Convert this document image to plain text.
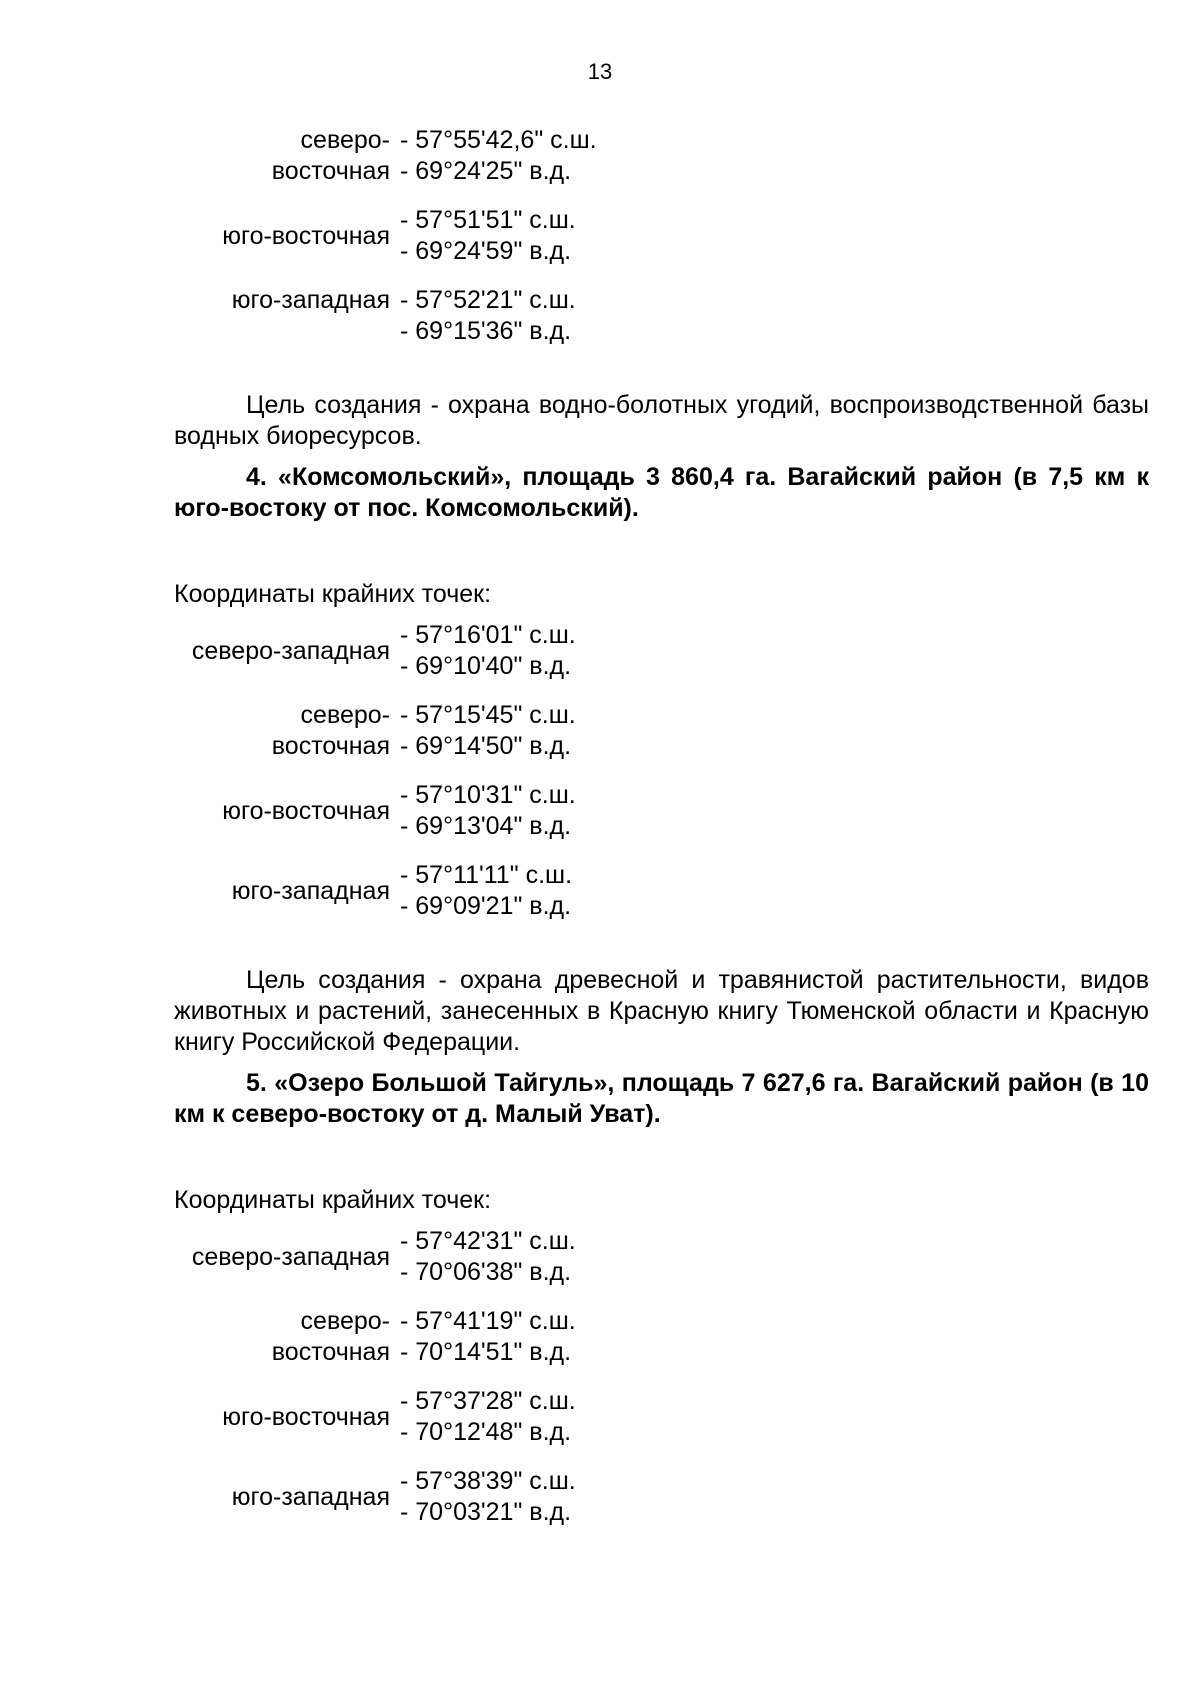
13
северо-
восточная
- 57°55'42,6" с.ш.
- 69°24'25" в.д.
юго-восточная
- 57°51'51" с.ш.
- 69°24'59" в.д.
юго-западная - 57°52'21" с.ш.
- 69°15'36" в.д.

Цель создания - охрана водно-болотных угодий, воспроизводственной базы водных биоресурсов.

4. «Комсомольский», площадь 3 860,4 га. Вагайский район (в 7,5 км к юго-востоку от пос. Комсомольский).

Координаты крайних точек:

северо-западная
- 57°16'01" с.ш.
- 69°10'40" в.д.
северо-
восточная
- 57°15'45" с.ш.
- 69°14'50" в.д.
юго-восточная
- 57°10'31" с.ш.
- 69°13'04" в.д.
юго-западная
- 57°11'11" с.ш.
- 69°09'21" в.д.

Цель создания - охрана древесной и травянистой растительности, видов животных и растений, занесенных в Красную книгу Тюменской области и Красную книгу Российской Федерации.

5. «Озеро Большой Тайгуль», площадь 7 627,6 га. Вагайский район (в 10 км к северо-востоку от д. Малый Уват).

Координаты крайних точек:

северо-западная
- 57°42'31" с.ш.
- 70°06'38" в.д.
северо-
восточная
- 57°41'19" с.ш.
- 70°14'51" в.д.
юго-восточная
- 57°37'28" с.ш.
- 70°12'48" в.д.
юго-западная
- 57°38'39" с.ш.
- 70°03'21" в.д.
